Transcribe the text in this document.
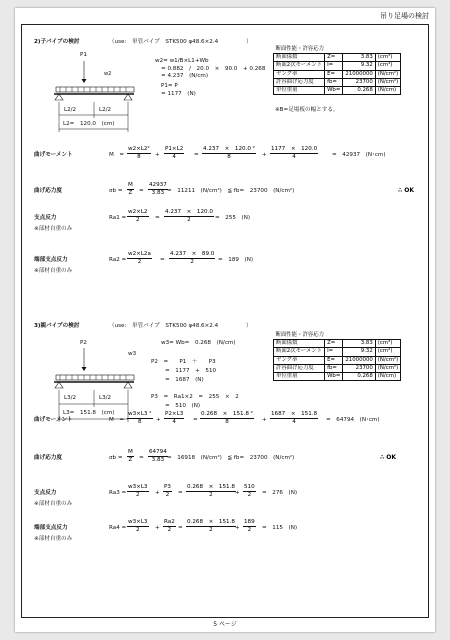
吊り足場の検討
2)子パイプの検討	（use:　単管パイプ　STK500 φ48.6×2.4　　　　　）
断面性能・許容応力			
断面係数	Z=	3.83	(cm³)
断面2次モーメント	I=	9.32	(cm⁴)
ヤング率	E=	21000000	(N/cm²)
許容曲げ応力度	fb=	23700	(N/cm²)
単位重量	Wb=	0.268	(N/cm)
※B=足場板の幅とする。
P1
w2
L2/2	L2/2
L2=　120.0　(cm)
w2= w1/B×L1+Wb
= 0.882　/　20.0　×　90.0　+ 0.268
= 4.237　(N/cm)
P1= P
= 1177　(N)
曲げモーメント	M　= $\frac{\text{w2×L2²}}{8} + \frac{P1\times L2}{4} = \frac{\text{4.237　×　120.0 ²}}{8} + \frac{1177 \times 120.0}{4}$ =　42937　(N･cm)
曲げ応力度	$\sigma b = \frac{M}{Z} = \frac{42937}{3.83}$ =　11211　(N/cm²)　≦ fb=　23700　(N/cm²)	∴ OK
支点反力
※部材自重のみ
$Ra1 = \frac{w2\times L2}{2} = \frac{4.237 \times 120.0}{2}$ =　255　(N)
端部支点反力
※部材自重のみ
$Ra2 = \frac{w2\times L2a}{2} = \frac{4.237 \times 89.0}{2}$ =　189　(N)
3)親パイプの検討	（use:　単管パイプ　STK500 φ48.6×2.4　　　　　）
断面性能・許容応力			
断面係数	Z=	3.83	(cm³)
断面2次モーメント	I=	9.32	(cm⁴)
ヤング率	E=	21000000	(N/cm²)
許容曲げ応力度	fb=	23700	(N/cm²)
単位重量	Wb=	0.268	(N/cm)
P2
w3
L3/2	L3/2
L3=　151.8　(cm)
w3= Wb=　0.268　(N/cm)
P2　=　　P1　＋　　P3
=　1177　+　510
=　1687　(N)
P3　=　Ra1×2　=　255　×　2
=　510　(N)
曲げモーメント	M　= $\frac{\text{w3×L3 ²}}{8} + \frac{P2\times L3}{4} = \frac{\text{0.268　×　151.8 ²}}{8} + \frac{1687 \times 151.8}{4}$ =　64794　(N･cm)
曲げ応力度	$\sigma b = \frac{M}{Z} = \frac{64794}{3.83}$ =　16918　(N/cm²)　≦ fb=　23700　(N/cm²)	∴ OK
支点反力
※部材自重のみ
$Ra3 = \frac{w3\times L3}{2} + \frac{P3}{2} = \frac{0.268 \times 151.8}{2} + \frac{510}{2}$ =　276　(N)
端部支点反力
※部材自重のみ
$Ra4 = \frac{w3\times L3}{2} + \frac{Ra2}{2} = \frac{0.268 \times 151.8}{2} + \frac{189}{2}$ =　115　(N)
5 ページ
